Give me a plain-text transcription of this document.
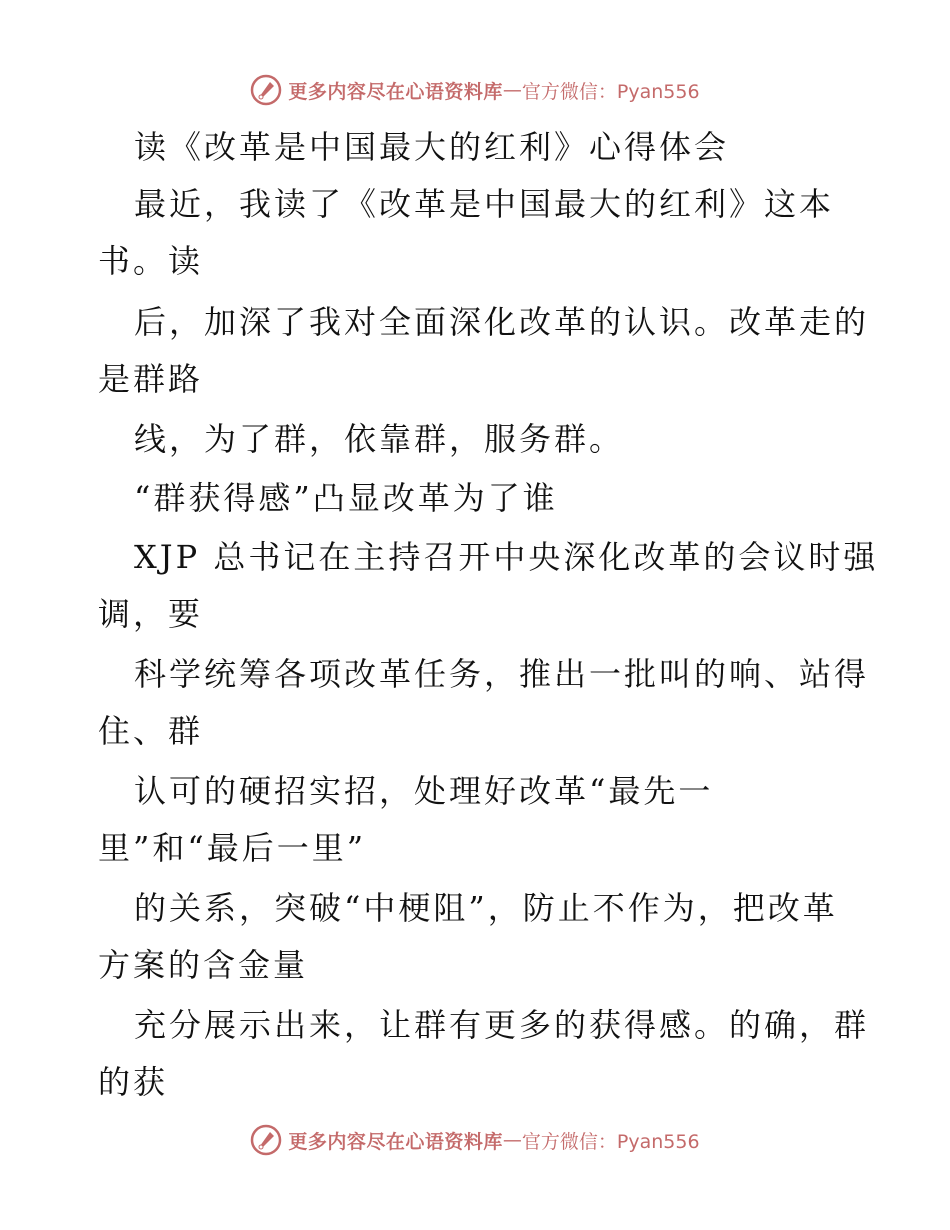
更多内容尽在心语资料库 — 官方微信：Pyan556
读《改革是中国最大的红利》心得体会
最近，我读了《改革是中国最大的红利》这本
书。读
后，加深了我对全面深化改革的认识。改革走的
是群路
线，为了群，依靠群，服务群。
“群获得感”凸显改革为了谁
XJP 总书记在主持召开中央深化改革的会议时强
调，要
科学统筹各项改革任务，推出一批叫的响、站得
住、群
认可的硬招实招，处理好改革“最先一
里”和“最后一里”
的关系，突破“中梗阻”，防止不作为，把改革
方案的含金量
充分展示出来，让群有更多的获得感。的确，群
的获
更多内容尽在心语资料库 — 官方微信：Pyan556
